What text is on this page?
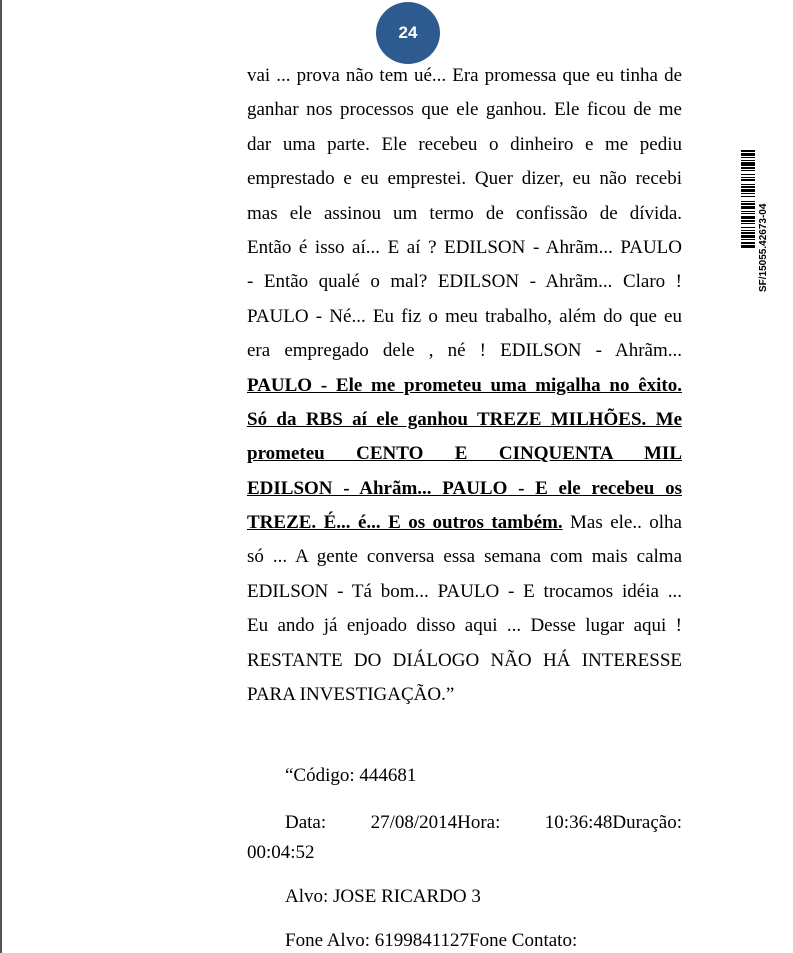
24
vai ... prova não tem ué... Era promessa que eu tinha de
ganhar nos processos que ele ganhou. Ele ficou de me
dar uma parte. Ele recebeu o dinheiro e me pediu
emprestado e eu emprestei. Quer dizer, eu não recebi
mas ele assinou um termo de confissão de dívida.
Então é isso aí... E aí ? EDILSON - Ahrãm... PAULO
- Então qualé o mal? EDILSON - Ahrãm... Claro !
PAULO - Né... Eu fiz o meu trabalho, além do que eu
era empregado dele , né ! EDILSON - Ahrãm...
PAULO - Ele me prometeu uma migalha no êxito.
Só da RBS aí ele ganhou TREZE MILHÕES. Me
prometeu CENTO E CINQUENTA MIL
EDILSON - Ahrãm... PAULO - E ele recebeu os
TREZE. É... é... E os outros também. Mas ele.. olha
só ... A gente conversa essa semana com mais calma
EDILSON - Tá bom... PAULO - E trocamos idéia ...
Eu ando já enjoado disso aqui ... Desse lugar aqui !
RESTANTE DO DIÁLOGO NÃO HÁ INTERESSE
PARA INVESTIGAÇÃO.”
SF/15055.42673-04
“Código: 444681
Data: 27/08/2014Hora: 10:36:48Duração:
00:04:52
Alvo: JOSE RICARDO 3
Fone Alvo: 6199841127Fone Contato:
